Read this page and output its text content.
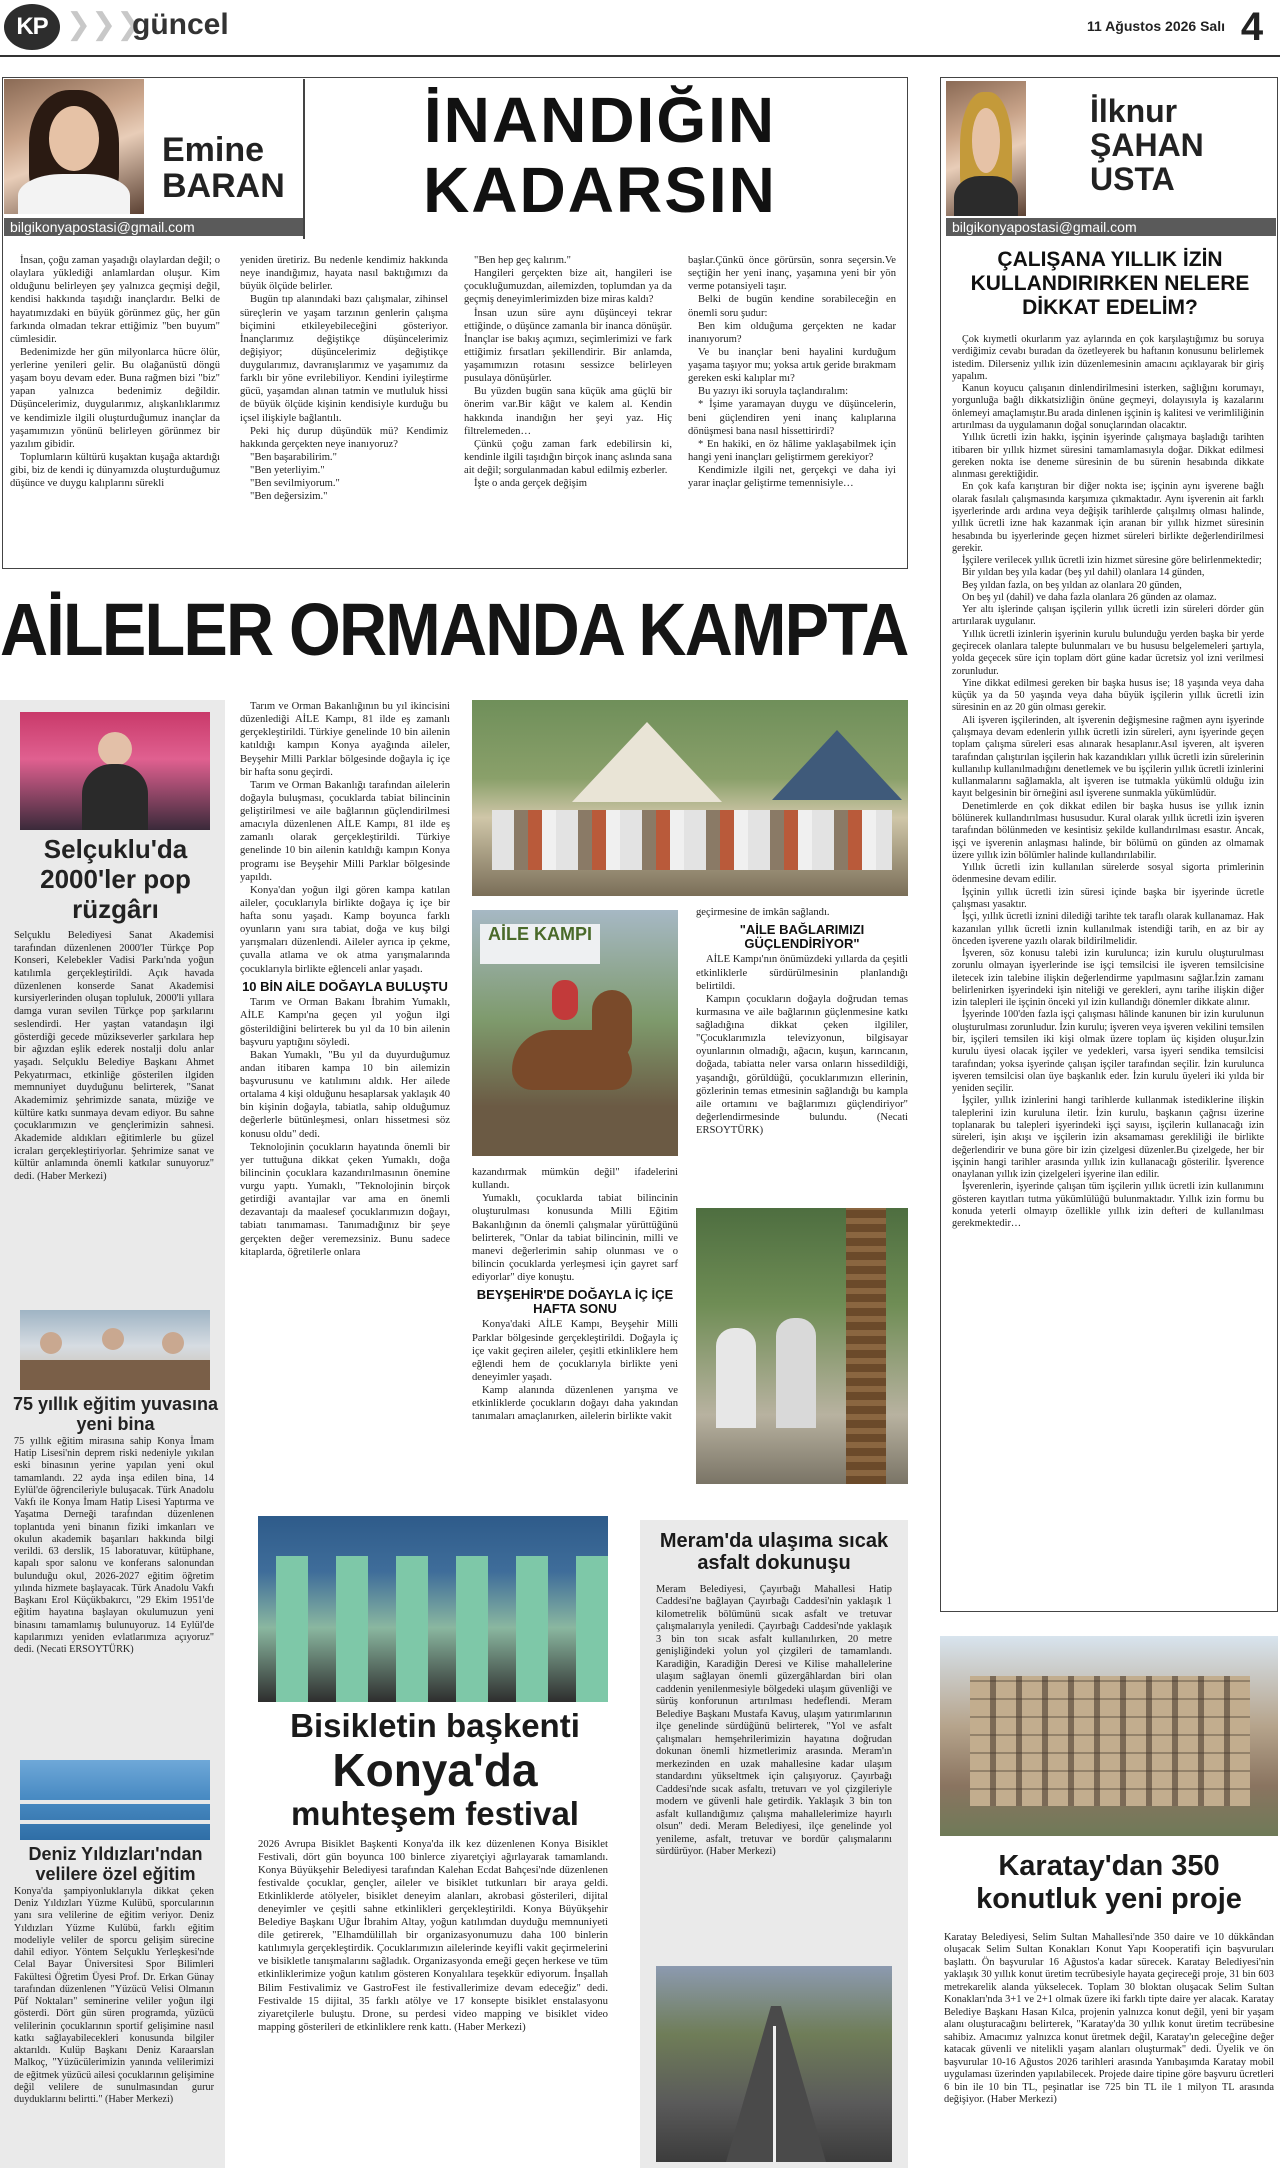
KP ❯❯❯
güncel	11 Ağustos 2026 Salı 4
Emine
BARAN
bilgikonyapostasi@gmail.com
İNANDIĞIN
KADARSIN

İnsan, çoğu zaman yaşadığı olaylardan değil; o olaylara yüklediği anlamlardan oluşur. Kim olduğunu belirleyen şey yalnızca geçmişi değil, kendisi hakkında taşıdığı inançlardır. Belki de hayatımızdaki en büyük görünmez güç, her gün farkında olmadan tekrar ettiğimiz "ben buyum" cümlesidir.

Bedenimizde her gün milyonlarca hücre ölür, yerlerine yenileri gelir. Bu olağanüstü döngü yaşam boyu devam eder. Buna rağmen bizi "biz" yapan yalnızca bedenimiz değildir. Düşüncelerimiz, duygularımız, alışkanlıklarımız ve kendimizle ilgili oluşturduğumuz inançlar da yaşamımızın yönünü belirleyen görünmez bir yazılım gibidir.

Toplumların kültürü kuşaktan kuşağa aktardığı gibi, biz de kendi iç dünyamızda oluşturduğumuz düşünce ve duygu kalıplarını sürekli

yeniden üretiriz. Bu nedenle kendimiz hakkında neye inandığımız, hayata nasıl baktığımızı da büyük ölçüde belirler.

Bugün tıp alanındaki bazı çalışmalar, zihinsel süreçlerin ve yaşam tarzının genlerin çalışma biçimini etkileyebileceğini gösteriyor. İnançlarımız değiştikçe düşüncelerimiz değişiyor; düşüncelerimiz değiştikçe duygularımız, davranışlarımız ve yaşamımız da farklı bir yöne evrilebiliyor. Kendini iyileştirme gücü, yaşamdan alınan tatmin ve mutluluk hissi de büyük ölçüde kişinin kendisiyle kurduğu bu içsel ilişkiyle bağlantılı.

Peki hiç durup düşündük mü? Kendimiz hakkında gerçekten neye inanıyoruz?

"Ben başarabilirim."

"Ben yeterliyim."

"Ben sevilmiyorum."

"Ben değersizim."

"Ben hep geç kalırım."

Hangileri gerçekten bize ait, hangileri ise çocukluğumuzdan, ailemizden, toplumdan ya da geçmiş deneyimlerimizden bize miras kaldı?

İnsan uzun süre aynı düşünceyi tekrar ettiğinde, o düşünce zamanla bir inanca dönüşür. İnançlar ise bakış açımızı, seçimlerimizi ve fark ettiğimiz fırsatları şekillendirir. Bir anlamda, yaşamımızın rotasını sessizce belirleyen pusulaya dönüşürler.

Bu yüzden bugün sana küçük ama güçlü bir önerim var.Bir kâğıt ve kalem al. Kendin hakkında inandığın her şeyi yaz. Hiç filtrelemeden…

Çünkü çoğu zaman fark edebilirsin ki, kendinle ilgili taşıdığın birçok inanç aslında sana ait değil; sorgulanmadan kabul edilmiş ezberler.

İşte o anda gerçek değişim

başlar.Çünkü önce görürsün, sonra seçersin.Ve seçtiğin her yeni inanç, yaşamına yeni bir yön verme potansiyeli taşır.

Belki de bugün kendine sorabileceğin en önemli soru şudur:

Ben kim olduğuma gerçekten ne kadar inanıyorum?

Ve bu inançlar beni hayalini kurduğum yaşama taşıyor mu; yoksa artık geride bırakmam gereken eski kalıplar mı?

Bu yazıyı iki soruyla taçlandıralım:

* İşime yaramayan duygu ve düşüncelerin, beni güçlendiren yeni inanç kalıplarına dönüşmesi bana nasıl hissettirirdi?

* En hakiki, en öz hâlime yaklaşabilmek için hangi yeni inançları geliştirmem gerekiyor?

Kendimizle ilgili net, gerçekçi ve daha iyi yarar inaçlar geliştirme temennisiyle…

İlknur
ŞAHAN
USTA
bilgikonyapostasi@gmail.com
ÇALIŞANA YILLIK İZİN KULLANDIRIRKEN NELERE DİKKAT EDELİM?

Çok kıymetli okurlarım yaz aylarında en çok karşılaştığımız bu soruya verdiğimiz cevabı buradan da özetleyerek bu haftanın konusunu belirlemek istedim. Dilerseniz yıllık izin düzenlemesinin amacını açıklayarak bir giriş yapalım.

Kanun koyucu çalışanın dinlendirilmesini isterken, sağlığını korumayı, yorgunluğa bağlı dikkatsizliğin önüne geçmeyi, dolayısıyla iş kazalarını önlemeyi amaçlamıştır.Bu arada dinlenen işçinin iş kalitesi ve verimliliğinin artırılması da uygulamanın doğal sonuçlarından olacaktır.

Yıllık ücretli izin hakkı, işçinin işyerinde çalışmaya başladığı tarihten itibaren bir yıllık hizmet süresini tamamlamasıyla doğar. Dikkat edilmesi gereken nokta ise deneme süresinin de bu sürenin hesabında dikkate alınması gerektiğidir.

En çok kafa karıştıran bir diğer nokta ise; işçinin aynı işverene bağlı olarak fasılalı çalışmasında karşımıza çıkmaktadır. Aynı işverenin ait farklı işyerlerinde ardı ardına veya değişik tarihlerde çalışılmış olması halinde, yıllık ücretli izne hak kazanmak için aranan bir yıllık hizmet süresinin hesabında bu işyerlerinde geçen hizmet süreleri birlikte değerlendirilmesi gerekir.

İşçilere verilecek yıllık ücretli izin hizmet süresine göre belirlenmektedir;

Bir yıldan beş yıla kadar (beş yıl dahil) olanlara 14 günden,

Beş yıldan fazla, on beş yıldan az olanlara 20 günden,

On beş yıl (dahil) ve daha fazla olanlara 26 günden az olamaz.

Yer altı işlerinde çalışan işçilerin yıllık ücretli izin süreleri dörder gün artırılarak uygulanır.

Yıllık ücretli izinlerin işyerinin kurulu bulunduğu yerden başka bir yerde geçirecek olanlara talepte bulunmaları ve bu hususu belgelemeleri şartıyla, yolda geçecek süre için toplam dört güne kadar ücretsiz yol izni verilmesi zorunludur.

Yine dikkat edilmesi gereken bir başka husus ise; 18 yaşında veya daha küçük ya da 50 yaşında veya daha büyük işçilerin yıllık ücretli izin süresinin en az 20 gün olması gerekir.

Ali işveren işçilerinden, alt işverenin değişmesine rağmen aynı işyerinde çalışmaya devam edenlerin yıllık ücretli izin süreleri, aynı işyerinde geçen toplam çalışma süreleri esas alınarak hesaplanır.Asıl işveren, alt işveren tarafından çalıştırılan işçilerin hak kazandıkları yıllık ücretli izin sürelerinin kullanılıp kullanılmadığını denetlemek ve bu işçilerin yıllık ücretli izinlerini kullanmalarını sağlamakla, alt işveren ise tutmakla yükümlü olduğu izin kayıt belgesinin bir örneğini asıl işverene sunmakla yükümlüdür.

Denetimlerde en çok dikkat edilen bir başka husus ise yıllık iznin bölünerek kullandırılması hususudur. Kural olarak yıllık ücretli izin işveren tarafından bölünmeden ve kesintisiz şekilde kullandırılması esastır. Ancak, işçi ve işverenin anlaşması halinde, bir bölümü on günden az olmamak üzere yıllık izin bölümler halinde kullandırılabilir.

Yıllık ücretli izin kullanılan sürelerde sosyal sigorta primlerinin ödenmesine devam edilir.

İşçinin yıllık ücretli izin süresi içinde başka bir işyerinde ücretle çalışması yasaktır.

İşçi, yıllık ücretli iznini dilediği tarihte tek taraflı olarak kullanamaz. Hak kazanılan yıllık ücretli iznin kullanılmak istendiği tarih, en az bir ay önceden işverene yazılı olarak bildirilmelidir.

İşveren, söz konusu talebi izin kurulunca; izin kurulu oluşturulması zorunlu olmayan işyerlerinde ise işçi temsilcisi ile işveren temsilcisine iletecek izin talebine ilişkin değerlendirme yapılmasını sağlar.İzin zamanı belirlenirken işyerindeki işin niteliği ve gerekleri, aynı tarihe ilişkin diğer izin talepleri ile işçinin önceki yıl izin kullandığı dönemler dikkate alınır.

İşyerinde 100'den fazla işçi çalışması hâlinde kanunen bir izin kurulunun oluşturulması zorunludur. İzin kurulu; işveren veya işveren vekilini temsilen bir, işçileri temsilen iki kişi olmak üzere toplam üç kişiden oluşur.İzin kurulu üyesi olacak işçiler ve yedekleri, varsa işyeri sendika temsilcisi tarafından; yoksa işyerinde çalışan işçiler tarafından seçilir. İzin kurulunca işveren temsilcisi olan üye başkanlık eder. İzin kurulu üyeleri iki yılda bir yeniden seçilir.

İşçiler, yıllık izinlerini hangi tarihlerde kullanmak istediklerine ilişkin taleplerini izin kuruluna iletir. İzin kurulu, başkanın çağrısı üzerine toplanarak bu talepleri işyerindeki işçi sayısı, işçilerin kullanacağı izin süreleri, işin akışı ve işçilerin izin aksamaması gerekliliği ile birlikte değerlendirir ve buna göre bir izin çizelgesi düzenler.Bu çizelgede, her bir işçinin hangi tarihler arasında yıllık izin kullanacağı gösterilir. İşverence onaylanan yıllık izin çizelgeleri işyerine ilan edilir.

İşverenlerin, işyerinde çalışan tüm işçilerin yıllık ücretli izin kullanımını gösteren kayıtları tutma yükümlülüğü bulunmaktadır. Yıllık izin formu bu konuda yeterli olmayıp özellikle yıllık izin defteri de kullanılması gerekmektedir…

AİLELER ORMANDA KAMPTA
Selçuklu'da 2000'ler pop rüzgârı
Selçuklu Belediyesi Sanat Akademisi tarafından düzenlenen 2000'ler Türkçe Pop Konseri, Kelebekler Vadisi Parkı'nda yoğun katılımla gerçekleştirildi. Açık havada düzenlenen konserde Sanat Akademisi kursiyerlerinden oluşan topluluk, 2000'li yıllara damga vuran sevilen Türkçe pop şarkılarını seslendirdi. Her yaştan vatandaşın ilgi gösterdiği gecede müzikseverler şarkılara hep bir ağızdan eşlik ederek nostalji dolu anlar yaşadı. Selçuklu Belediye Başkanı Ahmet Pekyatırmacı, etkinliğe gösterilen ilgiden memnuniyet duyduğunu belirterek, "Sanat Akademimiz şehrimizde sanata, müziğe ve kültüre katkı sunmaya devam ediyor. Bu sahne çocuklarımızın ve gençlerimizin sahnesi. Akademide aldıkları eğitimlerle bu güzel icraları gerçekleştiriyorlar. Şehrimize sanat ve kültür anlamında önemli katkılar sunuyoruz" dedi. (Haber Merkezi)
75 yıllık eğitim yuvasına yeni bina
75 yıllık eğitim mirasına sahip Konya İmam Hatip Lisesi'nin deprem riski nedeniyle yıkılan eski binasının yerine yapılan yeni okul tamamlandı. 22 ayda inşa edilen bina, 14 Eylül'de öğrencileriyle buluşacak. Türk Anadolu Vakfı ile Konya İmam Hatip Lisesi Yaptırma ve Yaşatma Derneği tarafından düzenlenen toplantıda yeni binanın fiziki imkanları ve okulun akademik başarıları hakkında bilgi verildi. 63 derslik, 15 laboratuvar, kütüphane, kapalı spor salonu ve konferans salonundan bulunduğu okul, 2026-2027 eğitim öğretim yılında hizmete başlayacak. Türk Anadolu Vakfı Başkanı Erol Küçükbakırcı, "29 Ekim 1951'de eğitim hayatına başlayan okulumuzun yeni binasını tamamlamış bulunuyoruz. 14 Eylül'de kapılarımızı yeniden evlatlarımıza açıyoruz" dedi. (Necati ERSOYTÜRK)
Deniz Yıldızları'ndan velilere özel eğitim
Konya'da şampiyonluklarıyla dikkat çeken Deniz Yıldızları Yüzme Kulübü, sporcularının yanı sıra velilerine de eğitim veriyor. Deniz Yıldızları Yüzme Kulübü, farklı eğitim modeliyle veliler de sporcu gelişim sürecine dahil ediyor. Yöntem Selçuklu Yerleşkesi'nde Celal Bayar Üniversitesi Spor Bilimleri Fakültesi Öğretim Üyesi Prof. Dr. Erkan Günay tarafından düzenlenen "Yüzücü Velisi Olmanın Püf Noktaları" seminerine veliler yoğun ilgi gösterdi. Dört gün süren programda, yüzücü velilerinin çocuklarının sportif gelişimine nasıl katkı sağlayabilecekleri konusunda bilgiler aktarıldı. Kulüp Başkanı Deniz Karaarslan Malkoç, "Yüzücülerimizin yanında velilerimizi de eğitmek yüzücü ailesi çocuklarının gelişimine değil velilere de sunulmasından gurur duyduklarını belirtti." (Haber Merkezi)

Tarım ve Orman Bakanlığının bu yıl ikincisini düzenlediği AİLE Kampı, 81 ilde eş zamanlı gerçekleştirildi. Türkiye genelinde 10 bin ailenin katıldığı kampın Konya ayağında aileler, Beyşehir Milli Parklar bölgesinde doğayla iç içe bir hafta sonu geçirdi.

Tarım ve Orman Bakanlığı tarafından ailelerin doğayla buluşması, çocuklarda tabiat bilincinin geliştirilmesi ve aile bağlarının güçlendirilmesi amacıyla düzenlenen AİLE Kampı, 81 ilde eş zamanlı olarak gerçekleştirildi. Türkiye genelinde 10 bin ailenin katıldığı kampın Konya programı ise Beyşehir Milli Parklar bölgesinde yapıldı.

Konya'dan yoğun ilgi gören kampa katılan aileler, çocuklarıyla birlikte doğaya iç içe bir hafta sonu yaşadı. Kamp boyunca farklı oyunların yanı sıra tabiat, doğa ve kuş bilgi yarışmaları düzenlendi. Aileler ayrıca ip çekme, çuvalla atlama ve ok atma yarışmalarında çocuklarıyla birlikte eğlenceli anlar yaşadı.

10 BİN AİLE DOĞAYLA BULUŞTU

Tarım ve Orman Bakanı İbrahim Yumaklı, AİLE Kampı'na geçen yıl yoğun ilgi gösterildiğini belirterek bu yıl da 10 bin ailenin başvuru yaptığını söyledi.

Bakan Yumaklı, "Bu yıl da duyurduğumuz andan itibaren kampa 10 bin ailemizin başvurusunu ve katılımını aldık. Her ailede ortalama 4 kişi olduğunu hesaplarsak yaklaşık 40 bin kişinin doğayla, tabiatla, sahip olduğumuz değerlerle bütünleşmesi, onları hissetmesi söz konusu oldu" dedi.

Teknolojinin çocukların hayatında önemli bir yer tuttuğuna dikkat çeken Yumaklı, doğa bilincinin çocuklara kazandırılmasının önemine vurgu yaptı. Yumaklı, "Teknolojinin birçok getirdiği avantajlar var ama en önemli dezavantajı da maalesef çocuklarımızın doğayı, tabiatı tanımaması. Tanımadığınız bir şeye gerçekten değer veremezsiniz. Bunu sadece kitaplarda, öğretilerle onlara

AİLE KAMPI

geçirmesine de imkân sağlandı.

"AİLE BAĞLARIMIZI GÜÇLENDİRİYOR"

AİLE Kampı'nın önümüzdeki yıllarda da çeşitli etkinliklerle sürdürülmesinin planlandığı belirtildi.

Kampın çocukların doğayla doğrudan temas kurmasına ve aile bağlarının güçlenmesine katkı sağladığına dikkat çeken ilgililer, "Çocuklarımızla televizyonun, bilgisayar oyunlarının olmadığı, ağacın, kuşun, karıncanın, doğada, tabiatta neler varsa onların hissedildiği, yaşandığı, görüldüğü, çocuklarımızın ellerinin, gözlerinin temas etmesinin sağlandığı bu kampla aile ortamını ve bağlarımızı güçlendiriyor" değerlendirmesinde bulundu. (Necati ERSOYTÜRK)

kazandırmak mümkün değil" ifadelerini kullandı.

Yumaklı, çocuklarda tabiat bilincinin oluşturulması konusunda Milli Eğitim Bakanlığının da önemli çalışmalar yürüttüğünü belirterek, "Onlar da tabiat bilincinin, milli ve manevi değerlerimin sahip olunması ve o bilincin çocuklarda yerleşmesi için gayret sarf ediyorlar" diye konuştu.

BEYŞEHİR'DE DOĞAYLA İÇ İÇE HAFTA SONU

Konya'daki AİLE Kampı, Beyşehir Milli Parklar bölgesinde gerçekleştirildi. Doğayla iç içe vakit geçiren aileler, çeşitli etkinliklere hem eğlendi hem de çocuklarıyla birlikte yeni deneyimler yaşadı.

Kamp alanında düzenlenen yarışma ve etkinliklerde çocukların doğayı daha yakından tanımaları amaçlanırken, ailelerin birlikte vakit

Bisikletin başkenti
Konya'da
muhteşem festival
2026 Avrupa Bisiklet Başkenti Konya'da ilk kez düzenlenen Konya Bisiklet Festivali, dört gün boyunca 100 binlerce ziyaretçiyi ağırlayarak tamamlandı. Konya Büyükşehir Belediyesi tarafından Kalehan Ecdat Bahçesi'nde düzenlenen festivalde çocuklar, gençler, aileler ve bisiklet tutkunları bir araya geldi. Etkinliklerde atölyeler, bisiklet deneyim alanları, akrobasi gösterileri, dijital deneyimler ve çeşitli sahne etkinlikleri gerçekleştirildi. Konya Büyükşehir Belediye Başkanı Uğur İbrahim Altay, yoğun katılımdan duyduğu memnuniyeti dile getirerek, "Elhamdülillah bir organizasyonumuzu daha 100 binlerin katılımıyla gerçekleştirdik. Çocuklarımızın ailelerinde keyifli vakit geçirmelerini ve bisikletle tanışmalarını sağladık. Organizasyonda emeği geçen herkese ve tüm etkinliklerimize yoğun katılım gösteren Konyalılara teşekkür ediyorum. İnşallah Bilim Festivalimiz ve GastroFest ile festivallerimize devam edeceğiz" dedi. Festivalde 15 dijital, 35 farklı atölye ve 17 konsepte bisiklet enstalasyonu ziyaretçilerle buluştu. Drone, su perdesi video mapping ve bisiklet video mapping gösterileri de etkinliklere renk kattı. (Haber Merkezi)
Meram'da ulaşıma sıcak asfalt dokunuşu
Meram Belediyesi, Çayırbağı Mahallesi Hatip Caddesi'ne bağlayan Çayırbağı Caddesi'nin yaklaşık 1 kilometrelik bölümünü sıcak asfalt ve tretuvar çalışmalarıyla yeniledi. Çayırbağı Caddesi'nde yaklaşık 3 bin ton sıcak asfalt kullanılırken, 20 metre genişliğindeki yolun yol çizgileri de tamamlandı. Karadiğin, Karadiğin Deresi ve Kilise mahallelerine ulaşım sağlayan önemli güzergâhlardan biri olan caddenin yenilenmesiyle bölgedeki ulaşım güvenliği ve sürüş konforunun artırılması hedeflendi. Meram Belediye Başkanı Mustafa Kavuş, ulaşım yatırımlarının ilçe genelinde sürdüğünü belirterek, "Yol ve asfalt çalışmaları hemşehrilerimizin hayatına doğrudan dokunan önemli hizmetlerimiz arasında. Meram'ın merkezinden en uzak mahallesine kadar ulaşım standardını yükseltmek için çalışıyoruz. Çayırbağı Caddesi'nde sıcak asfaltı, tretuvarı ve yol çizgileriyle modern ve güvenli hale getirdik. Yaklaşık 3 bin ton asfalt kullandığımız çalışma mahallelerimize hayırlı olsun" dedi. Meram Belediyesi, ilçe genelinde yol yenileme, asfalt, tretuvar ve bordür çalışmalarını sürdürüyor. (Haber Merkezi)	Karatay'dan 350 konutluk yeni proje
Karatay Belediyesi, Selim Sultan Mahallesi'nde 350 daire ve 10 dükkândan oluşacak Selim Sultan Konakları Konut Yapı Kooperatifi için başvuruları başlattı. Ön başvurular 16 Ağustos'a kadar sürecek. Karatay Belediyesi'nin yaklaşık 30 yıllık konut üretim tecrübesiyle hayata geçireceği proje, 31 bin 603 metrekarelik alanda yükselecek. Toplam 30 bloktan oluşacak Selim Sultan Konakları'nda 3+1 ve 2+1 olmak üzere iki farklı tipte daire yer alacak. Karatay Belediye Başkanı Hasan Kılca, projenin yalnızca konut değil, yeni bir yaşam alanı oluşturacağını belirterek, "Karatay'da 30 yıllık konut üretim tecrübesine sahibiz. Amacımız yalnızca konut üretmek değil, Karatay'ın geleceğine değer katacak güvenli ve nitelikli yaşam alanları oluşturmak" dedi. Üyelik ve ön başvurular 10-16 Ağustos 2026 tarihleri arasında Yanıbaşımda Karatay mobil uygulaması üzerinden yapılabilecek. Projede daire tipine göre başvuru ücretleri 6 bin ile 10 bin TL, peşinatlar ise 725 bin TL ile 1 milyon TL arasında değişiyor. (Haber Merkezi)
